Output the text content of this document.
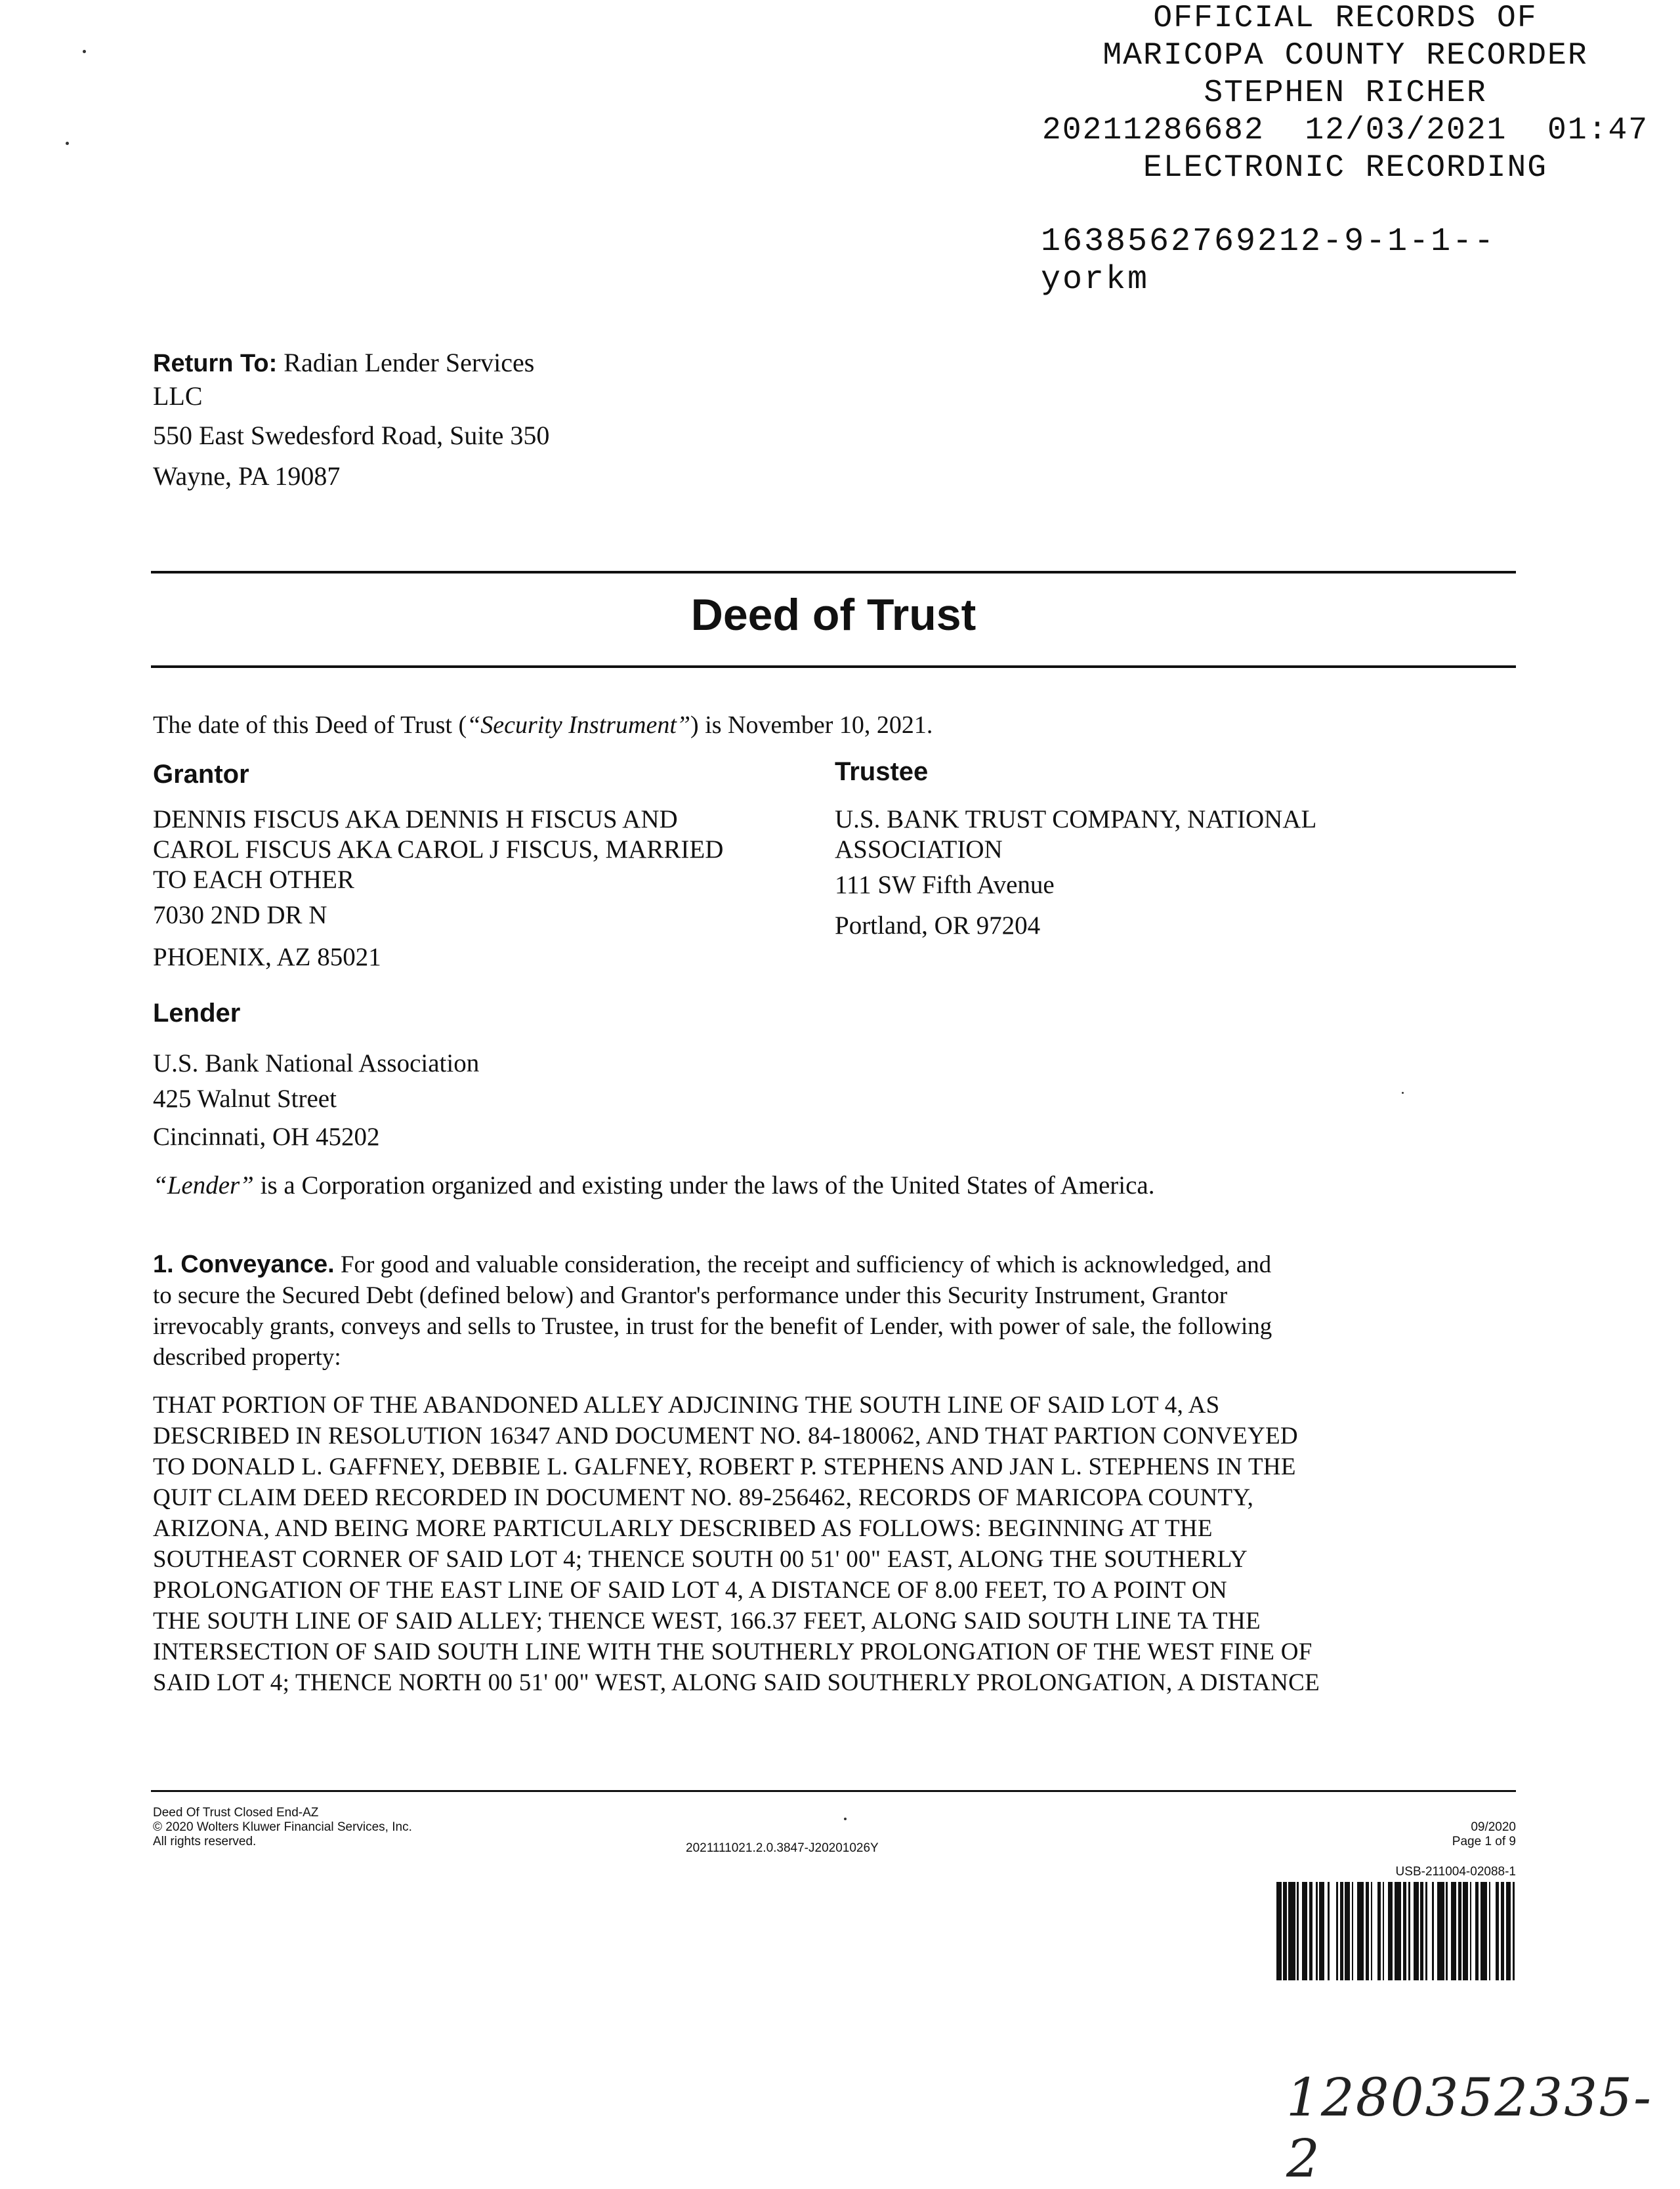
OFFICIAL RECORDS OF
MARICOPA COUNTY RECORDER
STEPHEN RICHER
20211286682  12/03/2021  01:47
ELECTRONIC RECORDING
1638562769212-9-1-1--
yorkm
Return To: Radian Lender Services
LLC
550 East Swedesford Road, Suite 350
Wayne, PA 19087
Deed of Trust
The date of this Deed of Trust (“Security Instrument”) is November 10, 2021.
Grantor
DENNIS FISCUS AKA DENNIS H FISCUS AND
CAROL FISCUS AKA CAROL J FISCUS, MARRIED
TO EACH OTHER
7030 2ND DR N
PHOENIX, AZ 85021
Trustee
U.S. BANK TRUST COMPANY, NATIONAL
ASSOCIATION
111 SW Fifth Avenue
Portland, OR 97204
Lender
U.S. Bank National Association
425 Walnut Street
Cincinnati, OH 45202
“Lender” is a Corporation organized and existing under the laws of the United States of America.
1. Conveyance. For good and valuable consideration, the receipt and sufficiency of which is acknowledged, and
to secure the Secured Debt (defined below) and Grantor's performance under this Security Instrument, Grantor
irrevocably grants, conveys and sells to Trustee, in trust for the benefit of Lender, with power of sale, the following
described property:
THAT PORTION OF THE ABANDONED ALLEY ADJCINING THE SOUTH LINE OF SAID LOT 4, AS
DESCRIBED IN RESOLUTION 16347 AND DOCUMENT NO. 84-180062, AND THAT PARTION CONVEYED
TO DONALD L. GAFFNEY, DEBBIE L. GALFNEY, ROBERT P. STEPHENS AND JAN L. STEPHENS IN THE
QUIT CLAIM DEED RECORDED IN DOCUMENT NO. 89-256462, RECORDS OF MARICOPA COUNTY,
ARIZONA, AND BEING MORE PARTICULARLY DESCRIBED AS FOLLOWS: BEGINNING AT THE
SOUTHEAST CORNER OF SAID LOT 4; THENCE SOUTH 00 51' 00" EAST, ALONG THE SOUTHERLY
PROLONGATION OF THE EAST LINE OF SAID LOT 4, A DISTANCE OF 8.00 FEET, TO A POINT ON
THE SOUTH LINE OF SAID ALLEY; THENCE WEST, 166.37 FEET, ALONG SAID SOUTH LINE TA THE
INTERSECTION OF SAID SOUTH LINE WITH THE SOUTHERLY PROLONGATION OF THE WEST FINE OF
SAID LOT 4; THENCE NORTH 00 51' 00" WEST, ALONG SAID SOUTHERLY PROLONGATION, A DISTANCE
Deed Of Trust Closed End-AZ
© 2020 Wolters Kluwer Financial Services, Inc.
All rights reserved.	2021111021.2.0.3847-J20201026Y
09/2020
Page 1 of 9
USB-211004-02088-1
1280352335-2
